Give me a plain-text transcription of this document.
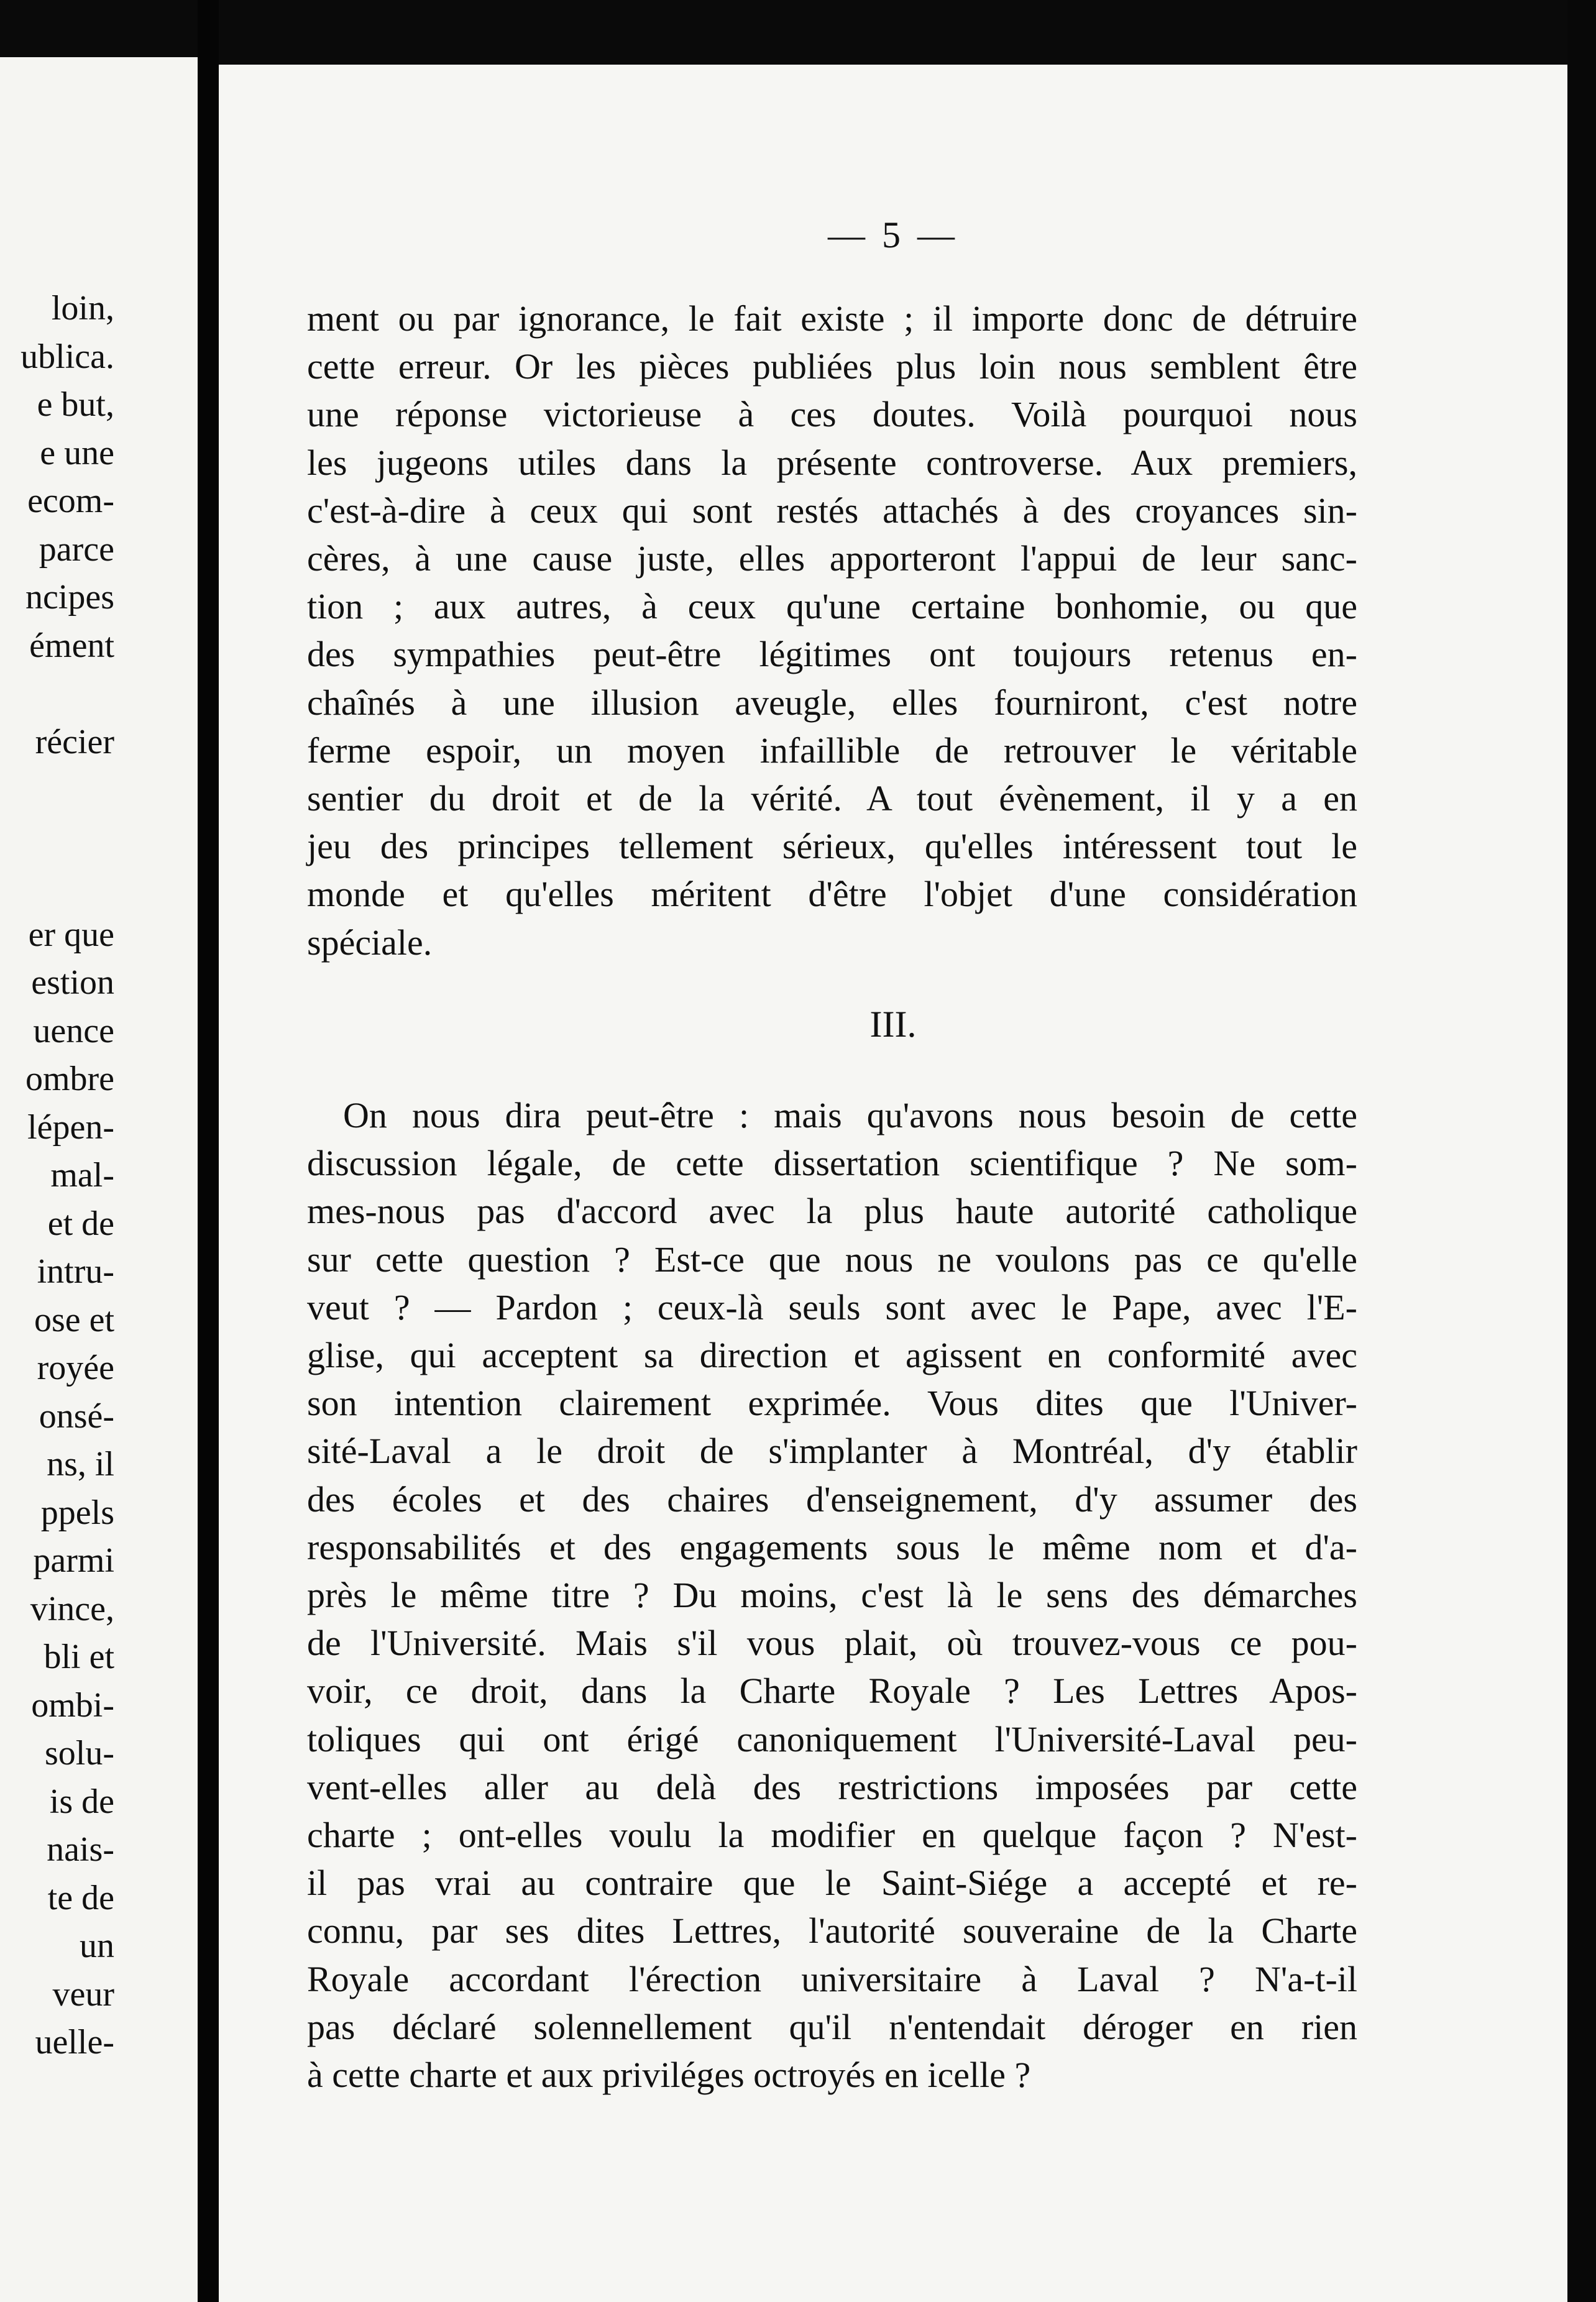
loin,
ublica.
e but,
e une
ecom-
parce
ncipes
ément
récier
er que
estion
uence
ombre
lépen-
mal-
et de
intru-
ose et
royée
onsé-
ns, il
ppels
parmi
vince,
bli et
ombi-
solu-
is de
nais-
te de
un
veur
uelle-
— 5 —

ment ou par ignorance, le fait existe ; il importe donc de détruire
cette erreur. Or les pièces publiées plus loin nous semblent être
une réponse victorieuse à ces doutes. Voilà pourquoi nous
les jugeons utiles dans la présente controverse. Aux premiers,
c'est-à-dire à ceux qui sont restés attachés à des croyances sin-
cères, à une cause juste, elles apporteront l'appui de leur sanc-
tion ; aux autres, à ceux qu'une certaine bonhomie, ou que
des sympathies peut-être légitimes ont toujours retenus en-
chaînés à une illusion aveugle, elles fourniront, c'est notre
ferme espoir, un moyen infaillible de retrouver le véritable
sentier du droit et de la vérité. A tout évènement, il y a en
jeu des principes tellement sérieux, qu'elles intéressent tout le
monde et qu'elles méritent d'être l'objet d'une considération
spéciale.

III.

On nous dira peut-être : mais qu'avons nous besoin de cette
discussion légale, de cette dissertation scientifique ? Ne som-
mes-nous pas d'accord avec la plus haute autorité catholique
sur cette question ? Est-ce que nous ne voulons pas ce qu'elle
veut ? — Pardon ; ceux-là seuls sont avec le Pape, avec l'E-
glise, qui acceptent sa direction et agissent en conformité avec
son intention clairement exprimée. Vous dites que l'Univer-
sité-Laval a le droit de s'implanter à Montréal, d'y établir
des écoles et des chaires d'enseignement, d'y assumer des
responsabilités et des engagements sous le même nom et d'a-
près le même titre ? Du moins, c'est là le sens des démarches
de l'Université. Mais s'il vous plait, où trouvez-vous ce pou-
voir, ce droit, dans la Charte Royale ? Les Lettres Apos-
toliques qui ont érigé canoniquement l'Université-Laval peu-
vent-elles aller au delà des restrictions imposées par cette
charte ; ont-elles voulu la modifier en quelque façon ? N'est-
il pas vrai au contraire que le Saint-Siége a accepté et re-
connu, par ses dites Lettres, l'autorité souveraine de la Charte
Royale accordant l'érection universitaire à Laval ? N'a-t-il
pas déclaré solennellement qu'il n'entendait déroger en rien
à cette charte et aux priviléges octroyés en icelle ?
